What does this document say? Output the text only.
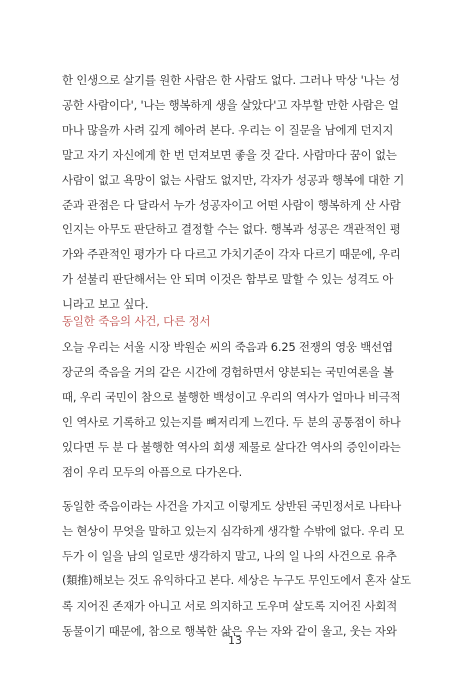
한 인생으로 살기를 원한 사람은 한 사람도 없다. 그러나 막상 '나는 성
공한 사람이다', '나는 행복하게 생을 살았다'고 자부할 만한 사람은 얼
마나 많을까 사려 깊게 헤아려 본다. 우리는 이 질문을 남에게 던지지
말고 자기 자신에게 한 번 던져보면 좋을 것 같다. 사람마다 꿈이 없는
사람이 없고 욕망이 없는 사람도 없지만, 각자가 성공과 행복에 대한 기
준과 관점은 다 달라서 누가 성공자이고 어떤 사람이 행복하게 산 사람
인지는 아무도 판단하고 결정할 수는 없다. 행복과 성공은 객관적인 평
가와 주관적인 평가가 다 다르고 가치기준이 각자 다르기 때문에, 우리
가 섣불리 판단해서는 안 되며 이것은 함부로 말할 수 있는 성격도 아
니라고 보고 싶다.
동일한 죽음의 사건, 다른 정서
오늘 우리는 서울 시장 박원순 씨의 죽음과 6.25 전쟁의 영웅 백선엽
장군의 죽음을 거의 같은 시간에 경험하면서 양분되는 국민여론을 볼
때, 우리 국민이 참으로 불행한 백성이고 우리의 역사가 얼마나 비극적
인 역사로 기록하고 있는지를 뼈저리게 느낀다. 두 분의 공통점이 하나
있다면 두 분 다 불행한 역사의 희생 제물로 살다간 역사의 증인이라는
점이 우리 모두의 아픔으로 다가온다.
동일한 죽음이라는 사건을 가지고 이렇게도 상반된 국민정서로 나타나
는 현상이 무엇을 말하고 있는지 심각하게 생각할 수밖에 없다. 우리 모
두가 이 일을 남의 일로만 생각하지 말고, 나의 일 나의 사건으로 유추
(類推)해보는 것도 유익하다고 본다. 세상은 누구도 무인도에서 혼자 살도
록 지어진 존재가 아니고 서로 의지하고 도우며 살도록 지어진 사회적
동물이기 때문에, 참으로 행복한 삶은 우는 자와 같이 울고, 웃는 자와
13
